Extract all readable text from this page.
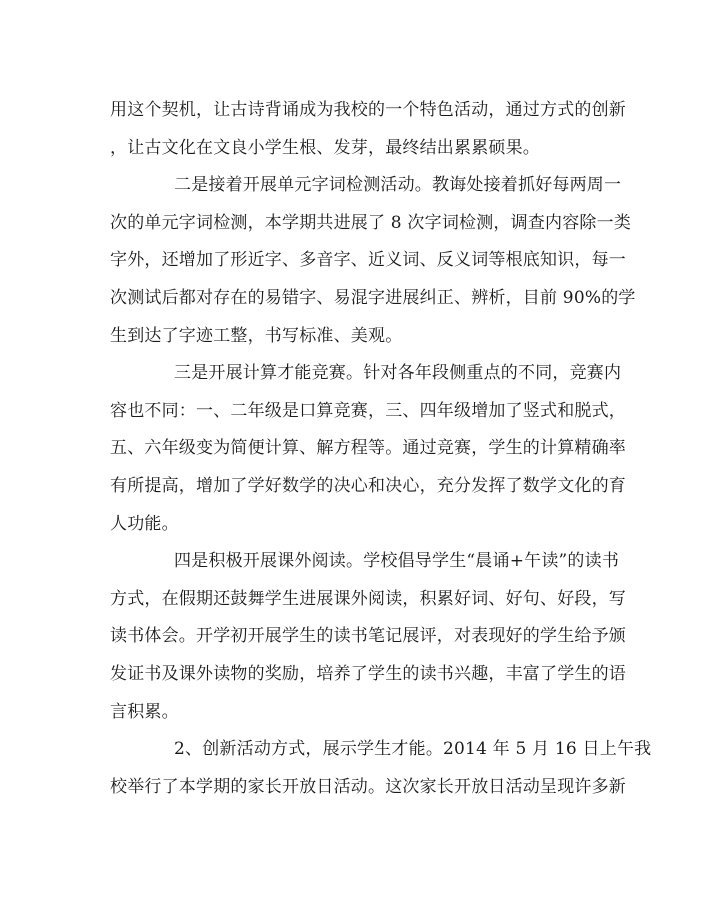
用这个契机，让古诗背诵成为我校的一个特色活动，通过方式的创新
，让古文化在文良小学生根、发芽，最终结出累累硕果。
二是接着开展单元字词检测活动。教诲处接着抓好每两周一
次的单元字词检测，本学期共进展了 8 次字词检测，调查内容除一类
字外，还增加了形近字、多音字、近义词、反义词等根底知识，每一
次测试后都对存在的易错字、易混字进展纠正、辨析，目前 90%的学
生到达了字迹工整，书写标准、美观。
三是开展计算才能竞赛。针对各年段侧重点的不同，竞赛内
容也不同：一、二年级是口算竞赛，三、四年级增加了竖式和脱式，
五、六年级变为简便计算、解方程等。通过竞赛，学生的计算精确率
有所提高，增加了学好数学的决心和决心，充分发挥了数学文化的育
人功能。
四是积极开展课外阅读。学校倡导学生“晨诵+午读”的读书
方式，在假期还鼓舞学生进展课外阅读，积累好词、好句、好段，写
读书体会。开学初开展学生的读书笔记展评，对表现好的学生给予颁
发证书及课外读物的奖励，培养了学生的读书兴趣，丰富了学生的语
言积累。
2、创新活动方式，展示学生才能。2014 年 5 月 16 日上午我
校举行了本学期的家长开放日活动。这次家长开放日活动呈现许多新
